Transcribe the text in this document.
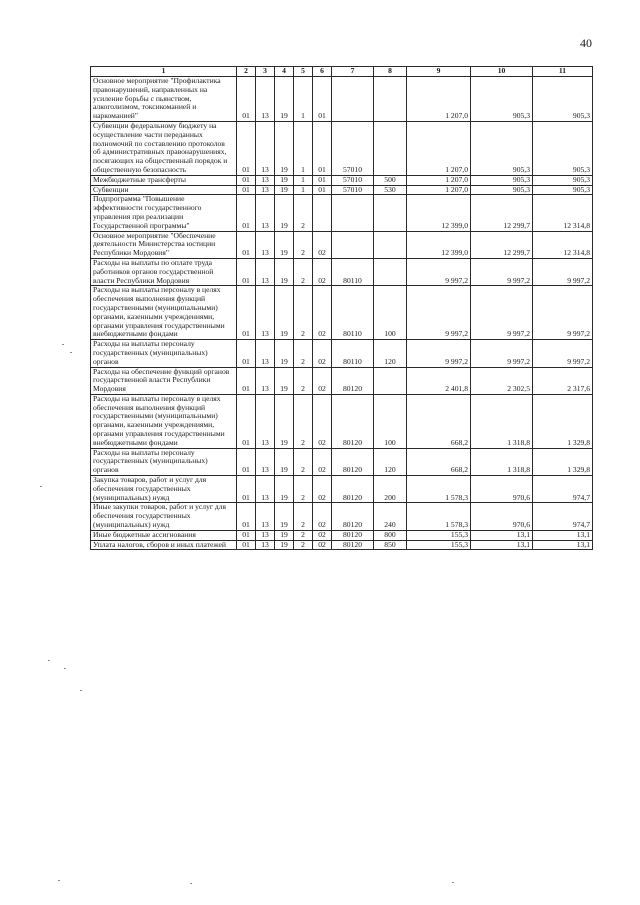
40
1	2	3	4	5	6	7	8	9	10	11
Основное мероприятие "Профилактика правонарушений, направленных на усиление борьбы с пьянством, алкоголизмом, токсикоманией и наркоманией"	01	13	19	1	01			1 207,0	905,3	905,3
Субвенции федеральному бюджету на осуществление части переданных полномочий по составлению протоколов об административных правонарушениях, посягающих на общественный порядок и общественную безопасность	01	13	19	1	01	57010		1 207,0	905,3	905,3
Межбюджетные трансферты	01	13	19	1	01	57010	500	1 207,0	905,3	905,3
Субвенции	01	13	19	1	01	57010	530	1 207,0	905,3	905,3
Подпрограмма "Повышение эффективности государственного управления при реализации Государственной программы"	01	13	19	2				12 399,0	12 299,7	12 314,8
Основное мероприятие "Обеспечение деятельности Министерства юстиции Республики Мордовия"	01	13	19	2	02			12 399,0	12 299,7	12 314,8
Расходы на выплаты по оплате труда работников органов государственной власти Республики Мордовия	01	13	19	2	02	80110		9 997,2	9 997,2	9 997,2
Расходы на выплаты персоналу в целях обеспечения выполнения функций государственными (муниципальными) органами, казенными учреждениями, органами управления государственными внебюджетными фондами	01	13	19	2	02	80110	100	9 997,2	9 997,2	9 997,2
Расходы на выплаты персоналу государственных (муниципальных) органов	01	13	19	2	02	80110	120	9 997,2	9 997,2	9 997,2
Расходы на обеспечение функций органов государственной власти Республики Мордовия	01	13	19	2	02	80120		2 401,8	2 302,5	2 317,6
Расходы на выплаты персоналу в целях обеспечения выполнения функций государственными (муниципальными) органами, казенными учреждениями, органами управления государственными внебюджетными фондами	01	13	19	2	02	80120	100	668,2	1 318,8	1 329,8
Расходы на выплаты персоналу государственных (муниципальных) органов	01	13	19	2	02	80120	120	668,2	1 318,8	1 329,8
Закупка товаров, работ и услуг для обеспечения государственных (муниципальных) нужд	01	13	19	2	02	80120	200	1 578,3	970,6	974,7
Иные закупки товаров, работ и услуг для обеспечения государственных (муниципальных) нужд	01	13	19	2	02	80120	240	1 578,3	970,6	974,7
Иные бюджетные ассигнования	01	13	19	2	02	80120	800	155,3	13,1	13,1
Уплата налогов, сборов и иных платежей	01	13	19	2	02	80120	850	155,3	13,1	13,1
